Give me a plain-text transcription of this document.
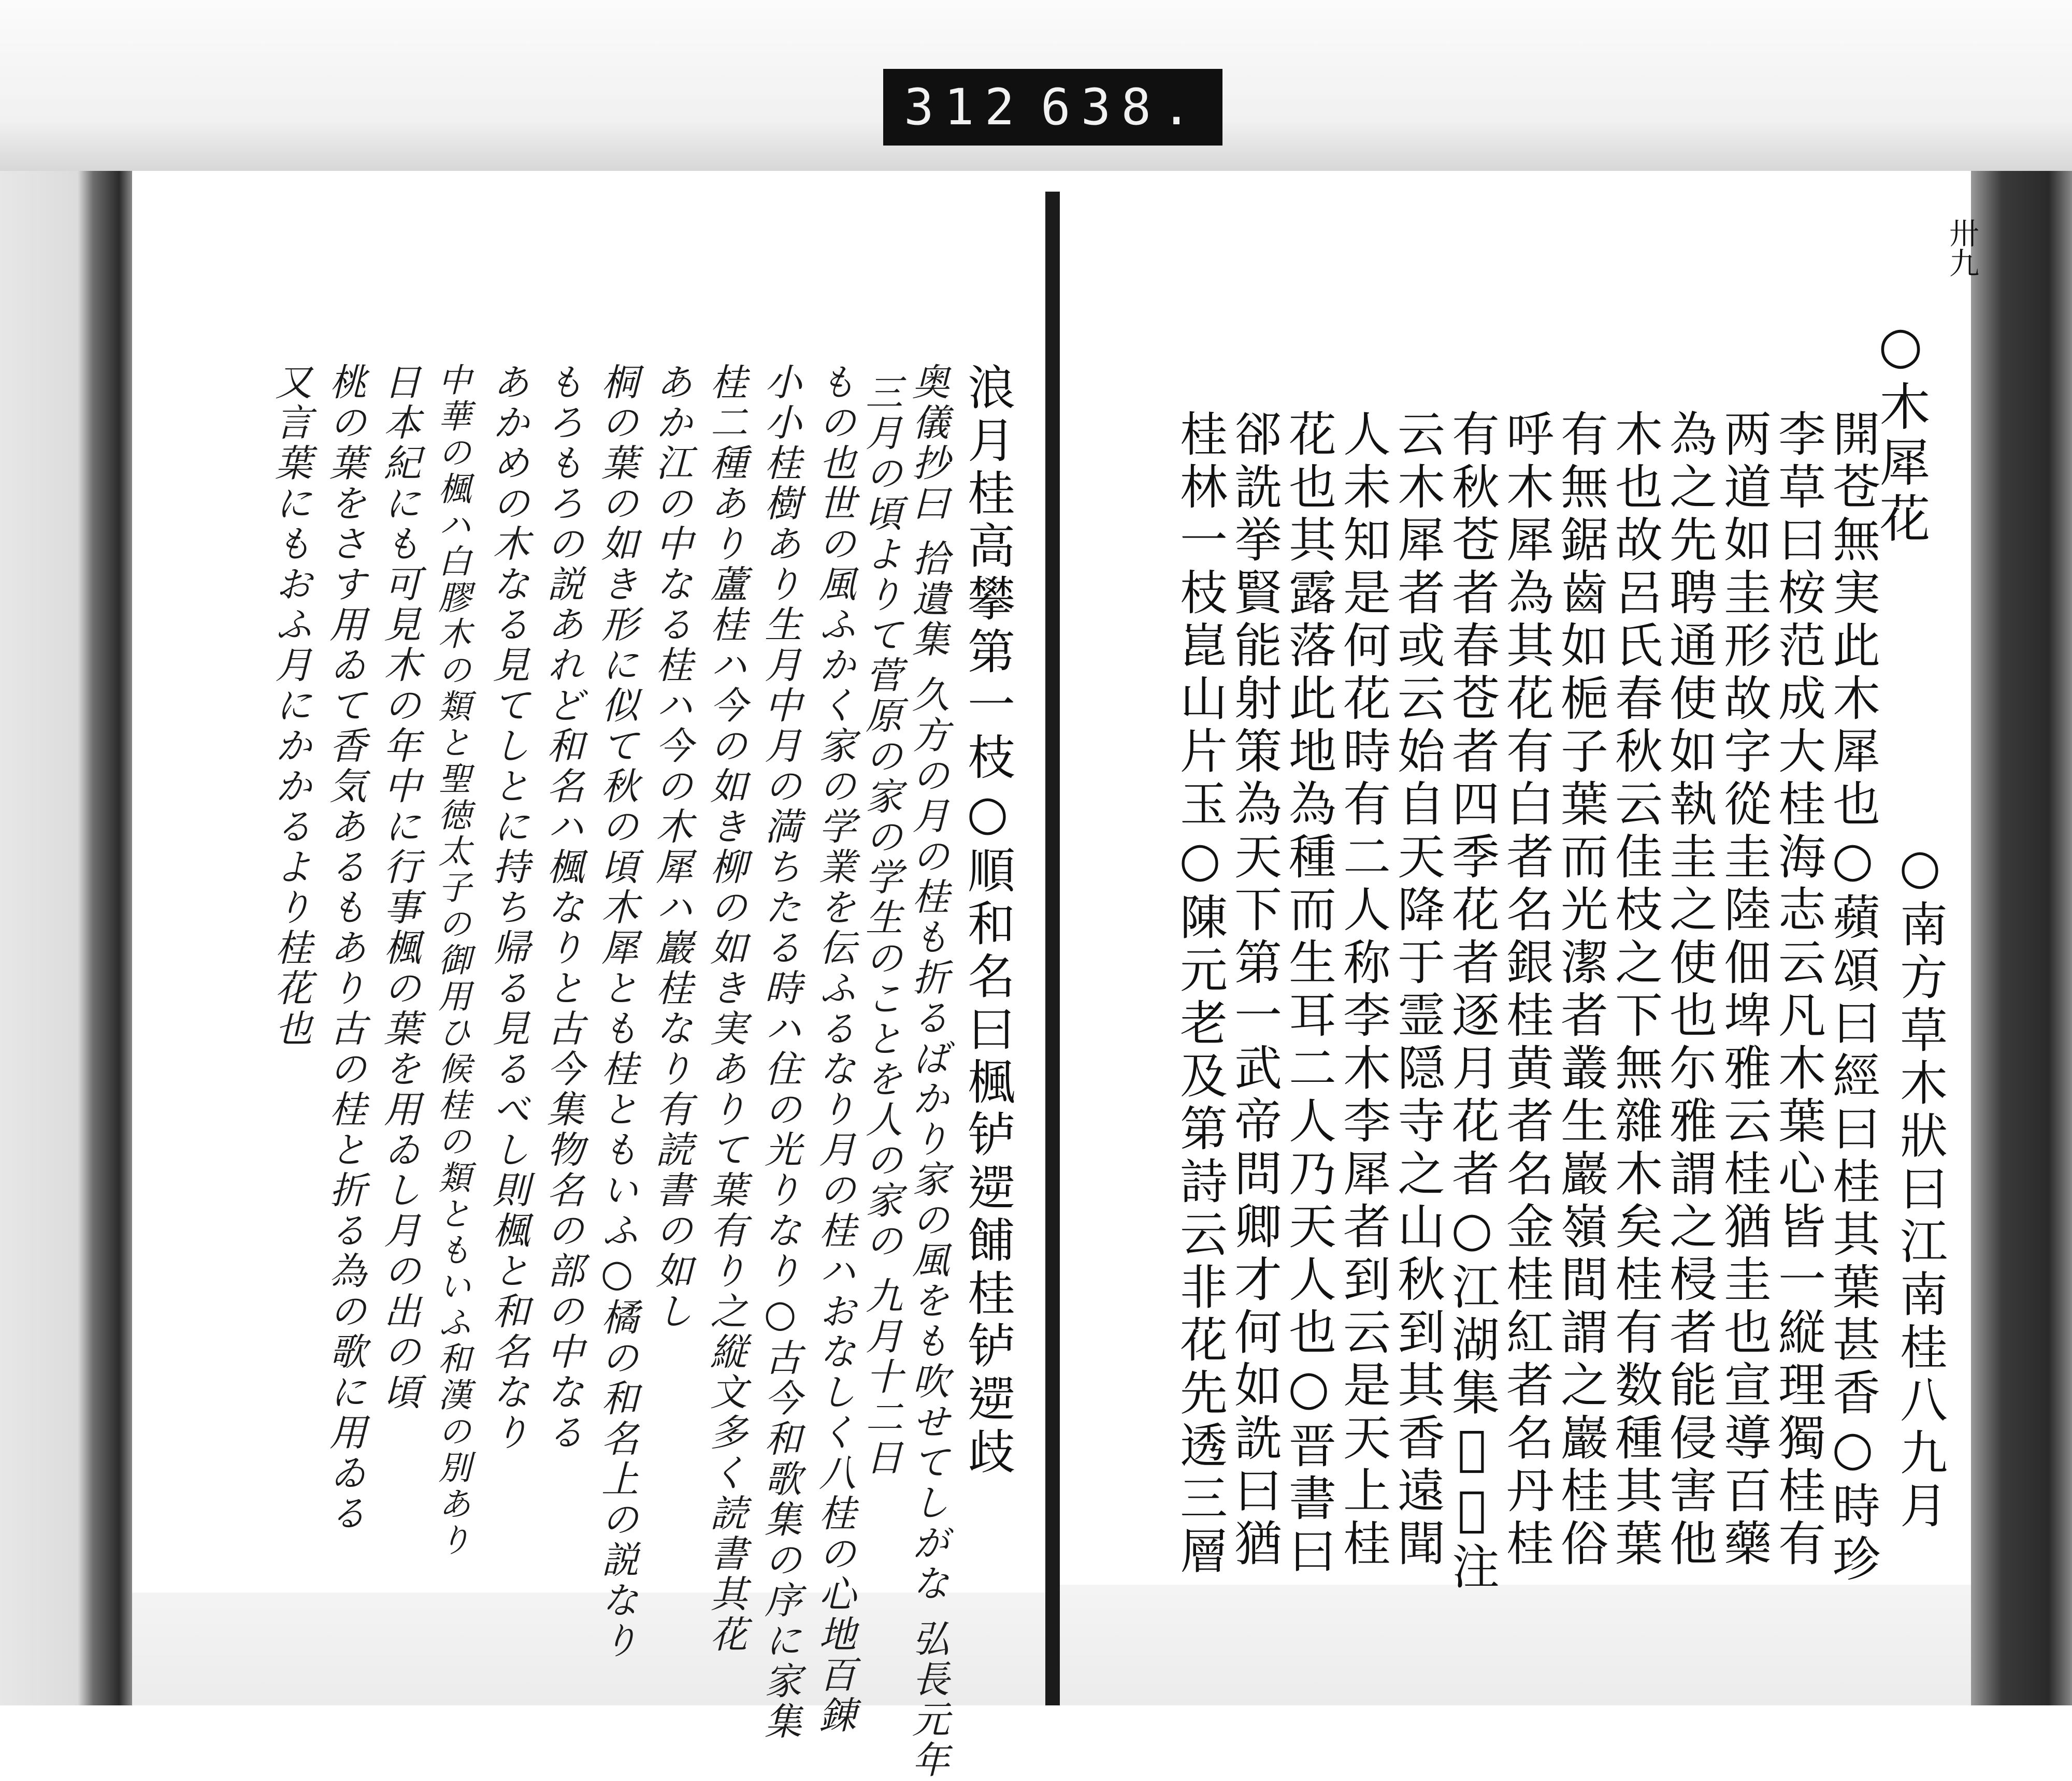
312 638.
卅九
○南方草木狀曰江南桂八九月
○木犀花
開苍無実此木犀也○蘋頌曰經曰桂其葉甚香○時珍
李草曰桉范成大桂海志云凡木葉心皆一縦理獨桂有
两道如圭形故字從圭陸佃埤雅云桂猶圭也宣導百藥
為之先聘通使如執圭之使也尓雅謂之梫者能侵害他
木也故呂氏春秋云佳枝之下無雜木矣桂有数種其葉
有無鋸齒如梔子葉而光潔者叢生巖嶺間謂之巖桂俗
呼木犀為其花有白者名銀桂黄者名金桂紅者名丹桂
有秋苍者春苍者四季花者逐月花者○江湖集𫗂𦨣注
云木犀者或云始自天降于霊隠寺之山秋到其香遠聞
人未知是何花時有二人称李木李犀者到云是天上桂
花也其露落此地為種而生耳二人乃天人也○晋書曰
郤詵挙賢能射策為天下第一武帝問卿才何如詵曰猶
桂林一枝崑山片玉○陳元老及第詩云非花先透三層
浪月桂高攀第一枝○順和名曰楓𬬻𨕬餔桂𬬻𨕬歧
奥儀抄曰 拾遺集 久方の月の桂も折るばかり家の風をも吹せてしがな 弘長元年
三月の頃よりて菅原の家の学生のことを人の家の 九月十二日
もの也世の風ふかく家の学業を伝ふるなり月の桂ハおなしく八桂の心地百錬
小小桂樹あり生月中月の満ちたる時ハ住の光りなり○古今和歌集の序に家集
桂二種あり蘆桂ハ今の如き柳の如き実ありて葉有り之縦文多く読書其花
あか江の中なる桂ハ今の木犀ハ巖桂なり有読書の如し
桐の葉の如き形に似て秋の頃木犀とも桂ともいふ○橘の和名上の説なり
もろもろの説あれど和名ハ楓なりと古今集物名の部の中なる
あかめの木なる見てしとに持ち帰る見るべし則楓と和名なり
中華の楓ハ白膠木の類と聖徳太子の御用ひ候桂の類ともいふ和漢の別あり
日本紀にも可見木の年中に行事楓の葉を用ゐし月の出の頃
桃の葉をさす用ゐて香気あるもあり古の桂と折る為の歌に用ゐる
又言葉にもおふ月にかかるより桂花也
